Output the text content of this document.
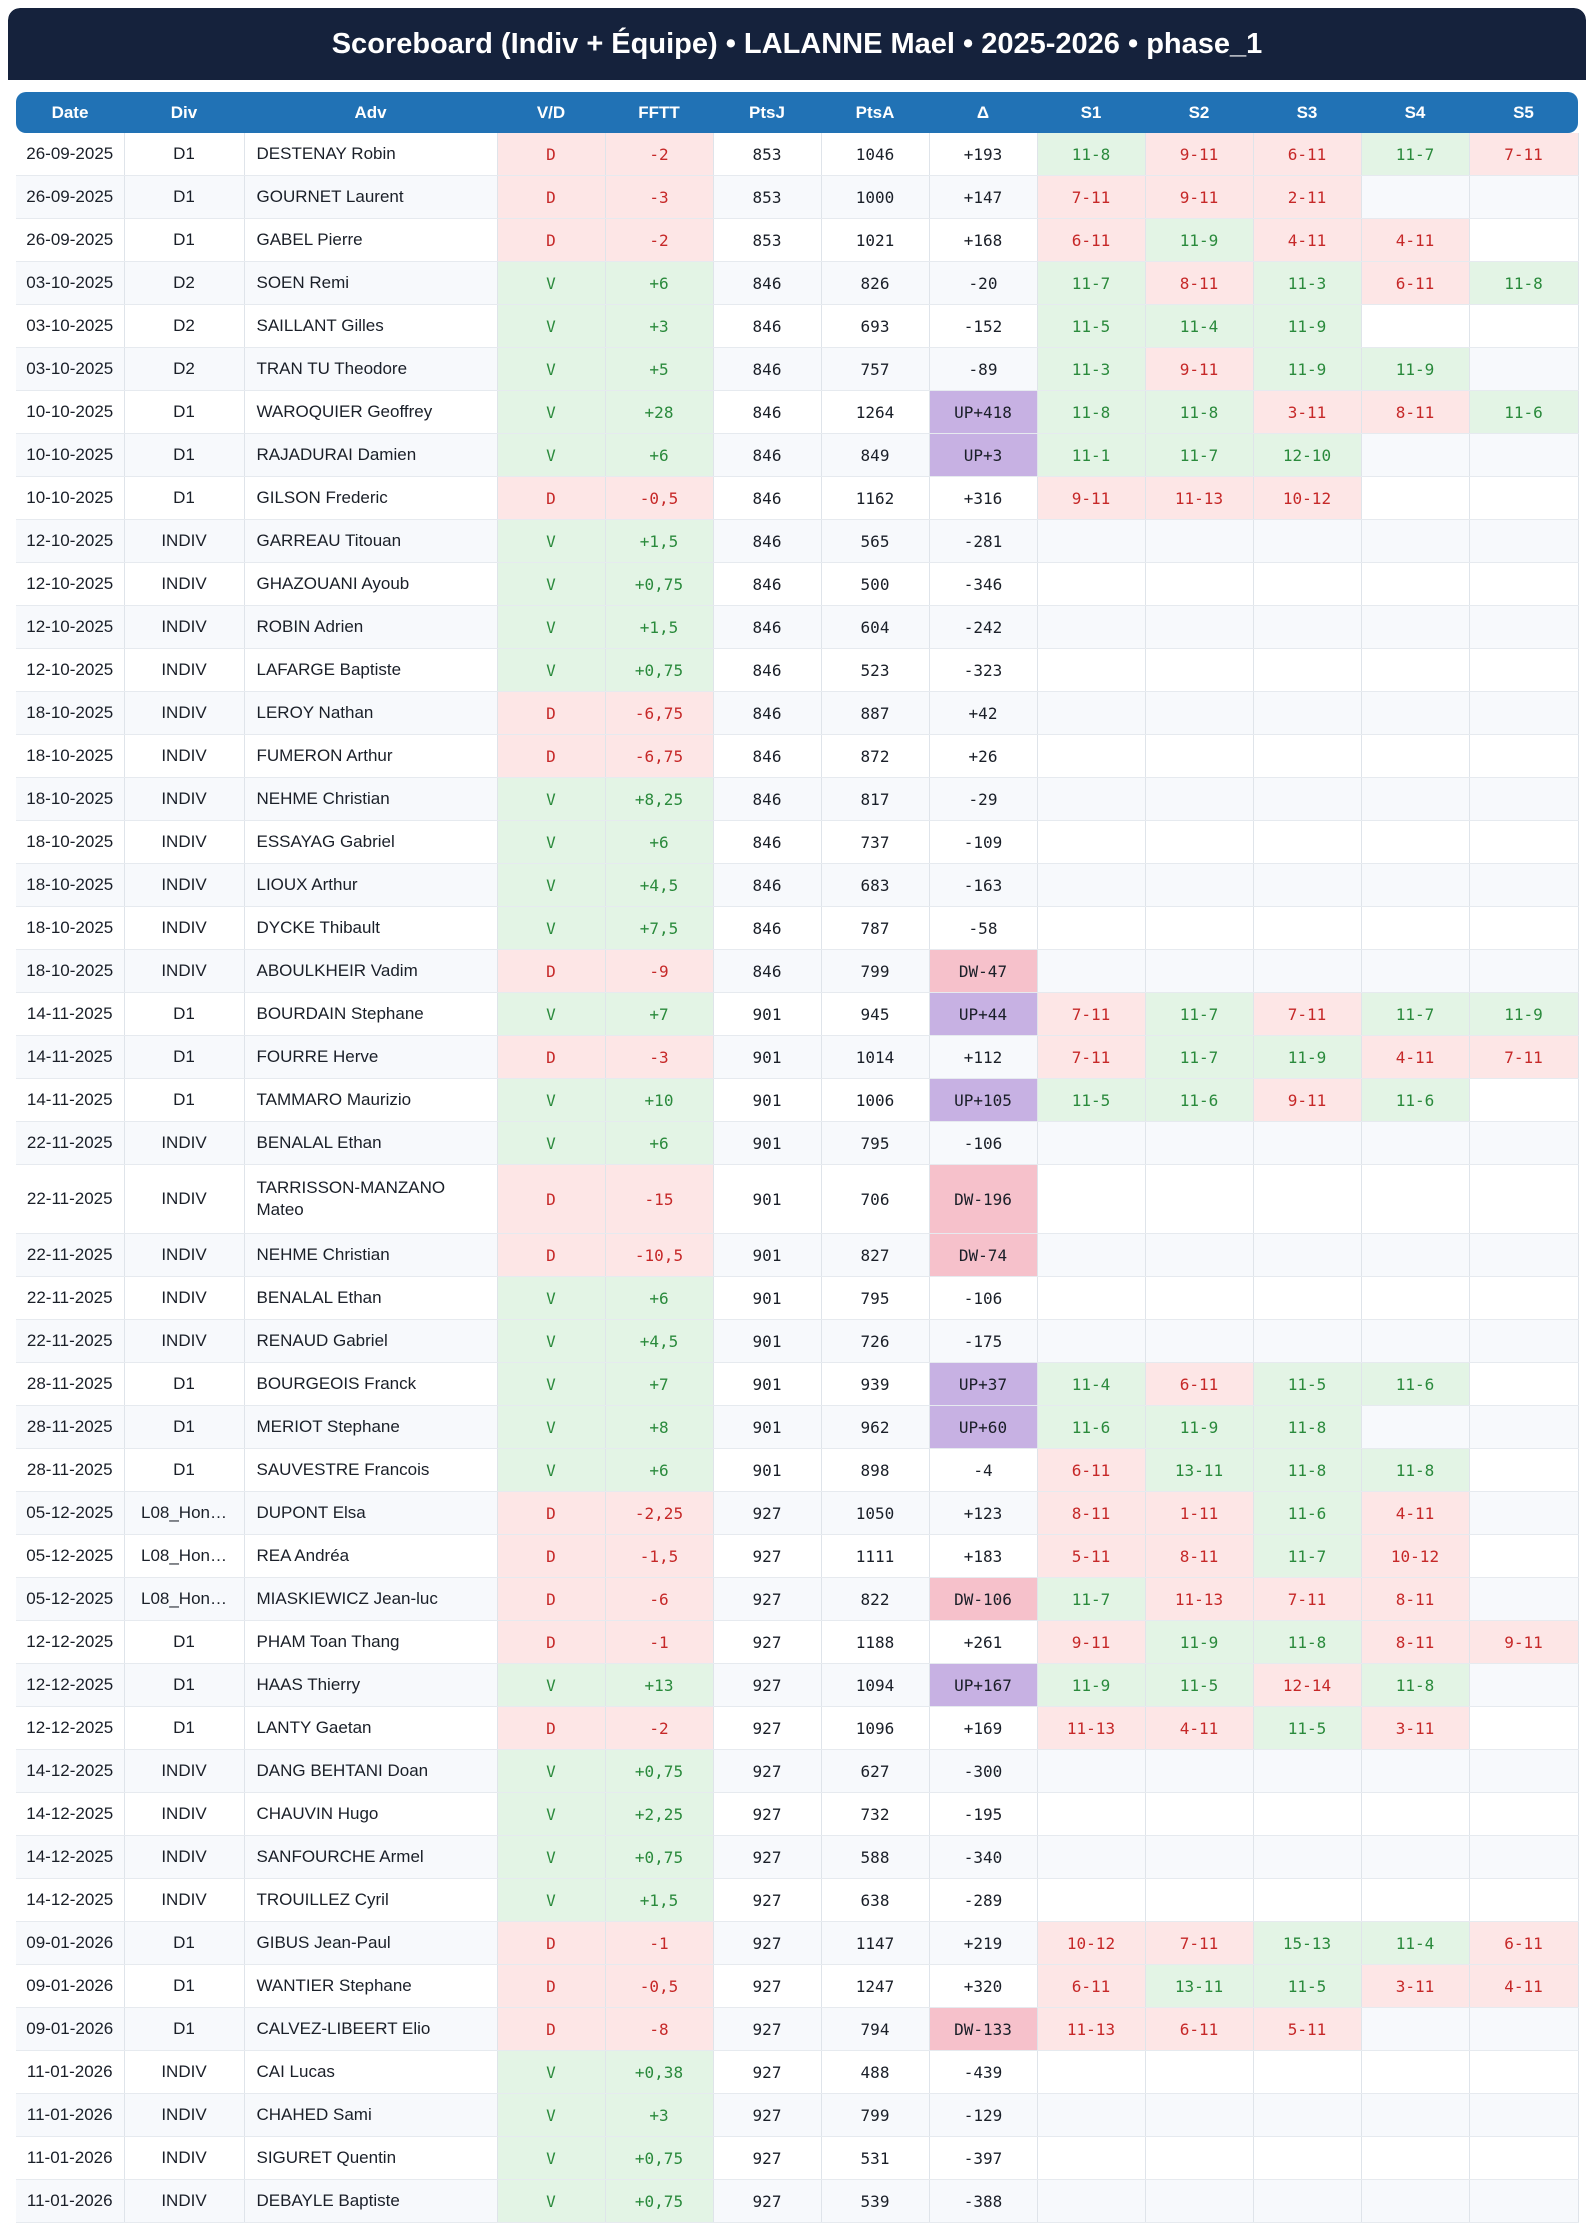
Scoreboard (Indiv + Équipe) • LALANNE Mael • 2025-2026 • phase_1
Date	Div	Adv	V/D	FFTT	PtsJ	PtsA	Δ	S1	S2	S3	S4	S5
26-09-2025	D1	DESTENAY Robin	D	-2	853	1046	+193	11-8	9-11	6-11	11-7	7-11
26-09-2025	D1	GOURNET Laurent	D	-3	853	1000	+147	7-11	9-11	2-11		
26-09-2025	D1	GABEL Pierre	D	-2	853	1021	+168	6-11	11-9	4-11	4-11	
03-10-2025	D2	SOEN Remi	V	+6	846	826	-20	11-7	8-11	11-3	6-11	11-8
03-10-2025	D2	SAILLANT Gilles	V	+3	846	693	-152	11-5	11-4	11-9		
03-10-2025	D2	TRAN TU Theodore	V	+5	846	757	-89	11-3	9-11	11-9	11-9	
10-10-2025	D1	WAROQUIER Geoffrey	V	+28	846	1264	UP+418	11-8	11-8	3-11	8-11	11-6
10-10-2025	D1	RAJADURAI Damien	V	+6	846	849	UP+3	11-1	11-7	12-10		
10-10-2025	D1	GILSON Frederic	D	-0,5	846	1162	+316	9-11	11-13	10-12		
12-10-2025	INDIV	GARREAU Titouan	V	+1,5	846	565	-281					
12-10-2025	INDIV	GHAZOUANI Ayoub	V	+0,75	846	500	-346					
12-10-2025	INDIV	ROBIN Adrien	V	+1,5	846	604	-242					
12-10-2025	INDIV	LAFARGE Baptiste	V	+0,75	846	523	-323					
18-10-2025	INDIV	LEROY Nathan	D	-6,75	846	887	+42					
18-10-2025	INDIV	FUMERON Arthur	D	-6,75	846	872	+26					
18-10-2025	INDIV	NEHME Christian	V	+8,25	846	817	-29					
18-10-2025	INDIV	ESSAYAG Gabriel	V	+6	846	737	-109					
18-10-2025	INDIV	LIOUX Arthur	V	+4,5	846	683	-163					
18-10-2025	INDIV	DYCKE Thibault	V	+7,5	846	787	-58					
18-10-2025	INDIV	ABOULKHEIR Vadim	D	-9	846	799	DW-47					
14-11-2025	D1	BOURDAIN Stephane	V	+7	901	945	UP+44	7-11	11-7	7-11	11-7	11-9
14-11-2025	D1	FOURRE Herve	D	-3	901	1014	+112	7-11	11-7	11-9	4-11	7-11
14-11-2025	D1	TAMMARO Maurizio	V	+10	901	1006	UP+105	11-5	11-6	9-11	11-6	
22-11-2025	INDIV	BENALAL Ethan	V	+6	901	795	-106					
22-11-2025	INDIV	TARRISSON-MANZANO Mateo	D	-15	901	706	DW-196					
22-11-2025	INDIV	NEHME Christian	D	-10,5	901	827	DW-74					
22-11-2025	INDIV	BENALAL Ethan	V	+6	901	795	-106					
22-11-2025	INDIV	RENAUD Gabriel	V	+4,5	901	726	-175					
28-11-2025	D1	BOURGEOIS Franck	V	+7	901	939	UP+37	11-4	6-11	11-5	11-6	
28-11-2025	D1	MERIOT Stephane	V	+8	901	962	UP+60	11-6	11-9	11-8		
28-11-2025	D1	SAUVESTRE Francois	V	+6	901	898	-4	6-11	13-11	11-8	11-8	
05-12-2025	L08_Hon…	DUPONT Elsa	D	-2,25	927	1050	+123	8-11	1-11	11-6	4-11	
05-12-2025	L08_Hon…	REA Andréa	D	-1,5	927	1111	+183	5-11	8-11	11-7	10-12	
05-12-2025	L08_Hon…	MIASKIEWICZ Jean-luc	D	-6	927	822	DW-106	11-7	11-13	7-11	8-11	
12-12-2025	D1	PHAM Toan Thang	D	-1	927	1188	+261	9-11	11-9	11-8	8-11	9-11
12-12-2025	D1	HAAS Thierry	V	+13	927	1094	UP+167	11-9	11-5	12-14	11-8	
12-12-2025	D1	LANTY Gaetan	D	-2	927	1096	+169	11-13	4-11	11-5	3-11	
14-12-2025	INDIV	DANG BEHTANI Doan	V	+0,75	927	627	-300					
14-12-2025	INDIV	CHAUVIN Hugo	V	+2,25	927	732	-195					
14-12-2025	INDIV	SANFOURCHE Armel	V	+0,75	927	588	-340					
14-12-2025	INDIV	TROUILLEZ Cyril	V	+1,5	927	638	-289					
09-01-2026	D1	GIBUS Jean-Paul	D	-1	927	1147	+219	10-12	7-11	15-13	11-4	6-11
09-01-2026	D1	WANTIER Stephane	D	-0,5	927	1247	+320	6-11	13-11	11-5	3-11	4-11
09-01-2026	D1	CALVEZ-LIBEERT Elio	D	-8	927	794	DW-133	11-13	6-11	5-11		
11-01-2026	INDIV	CAI Lucas	V	+0,38	927	488	-439					
11-01-2026	INDIV	CHAHED Sami	V	+3	927	799	-129					
11-01-2026	INDIV	SIGURET Quentin	V	+0,75	927	531	-397					
11-01-2026	INDIV	DEBAYLE Baptiste	V	+0,75	927	539	-388					
